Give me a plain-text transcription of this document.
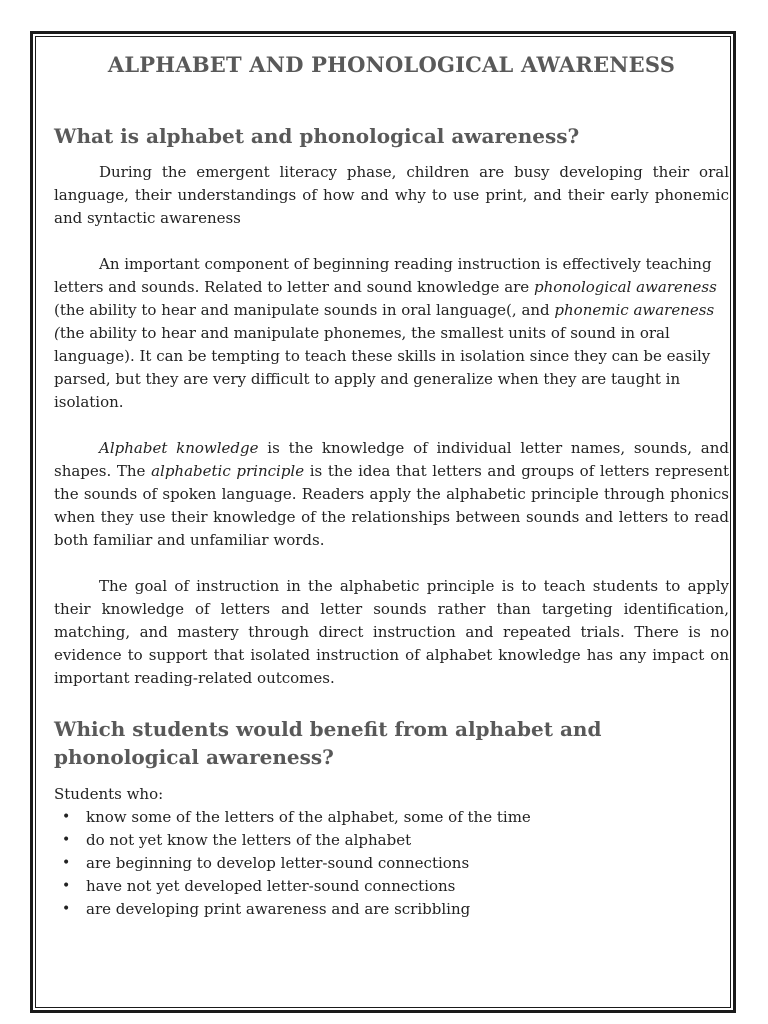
ALPHABET AND PHONOLOGICAL AWARENESS
What is alphabet and phonological awareness?

During the emergent literacy phase, children are busy developing their oral language, their understandings of how and why to use print, and their early phonemic and syntactic awareness

An important component of beginning reading instruction is effectively teaching letters and sounds. Related to letter and sound knowledge are phonological awareness (the ability to hear and manipulate sounds in oral language(, and phonemic awareness (the ability to hear and manipulate phonemes, the smallest units of sound in oral language). It can be tempting to teach these skills in isolation since they can be easily parsed, but they are very difficult to apply and generalize when they are taught in isolation.

Alphabet knowledge is the knowledge of individual letter names, sounds, and shapes. The alphabetic principle is the idea that letters and groups of letters represent the sounds of spoken language. Readers apply the alphabetic principle through phonics when they use their knowledge of the relationships between sounds and letters to read both familiar and unfamiliar words.

The goal of instruction in the alphabetic principle is to teach students to apply their knowledge of letters and letter sounds rather than targeting identification, matching, and mastery through direct instruction and repeated trials. There is no evidence to support that isolated instruction of alphabet knowledge has any impact on important reading-related outcomes.

Which students would benefit from alphabet and phonological awareness?

Students who:

• know some of the letters of the alphabet, some of the time
• do not yet know the letters of the alphabet
• are beginning to develop letter-sound connections
• have not yet developed letter-sound connections
• are developing print awareness and are scribbling
